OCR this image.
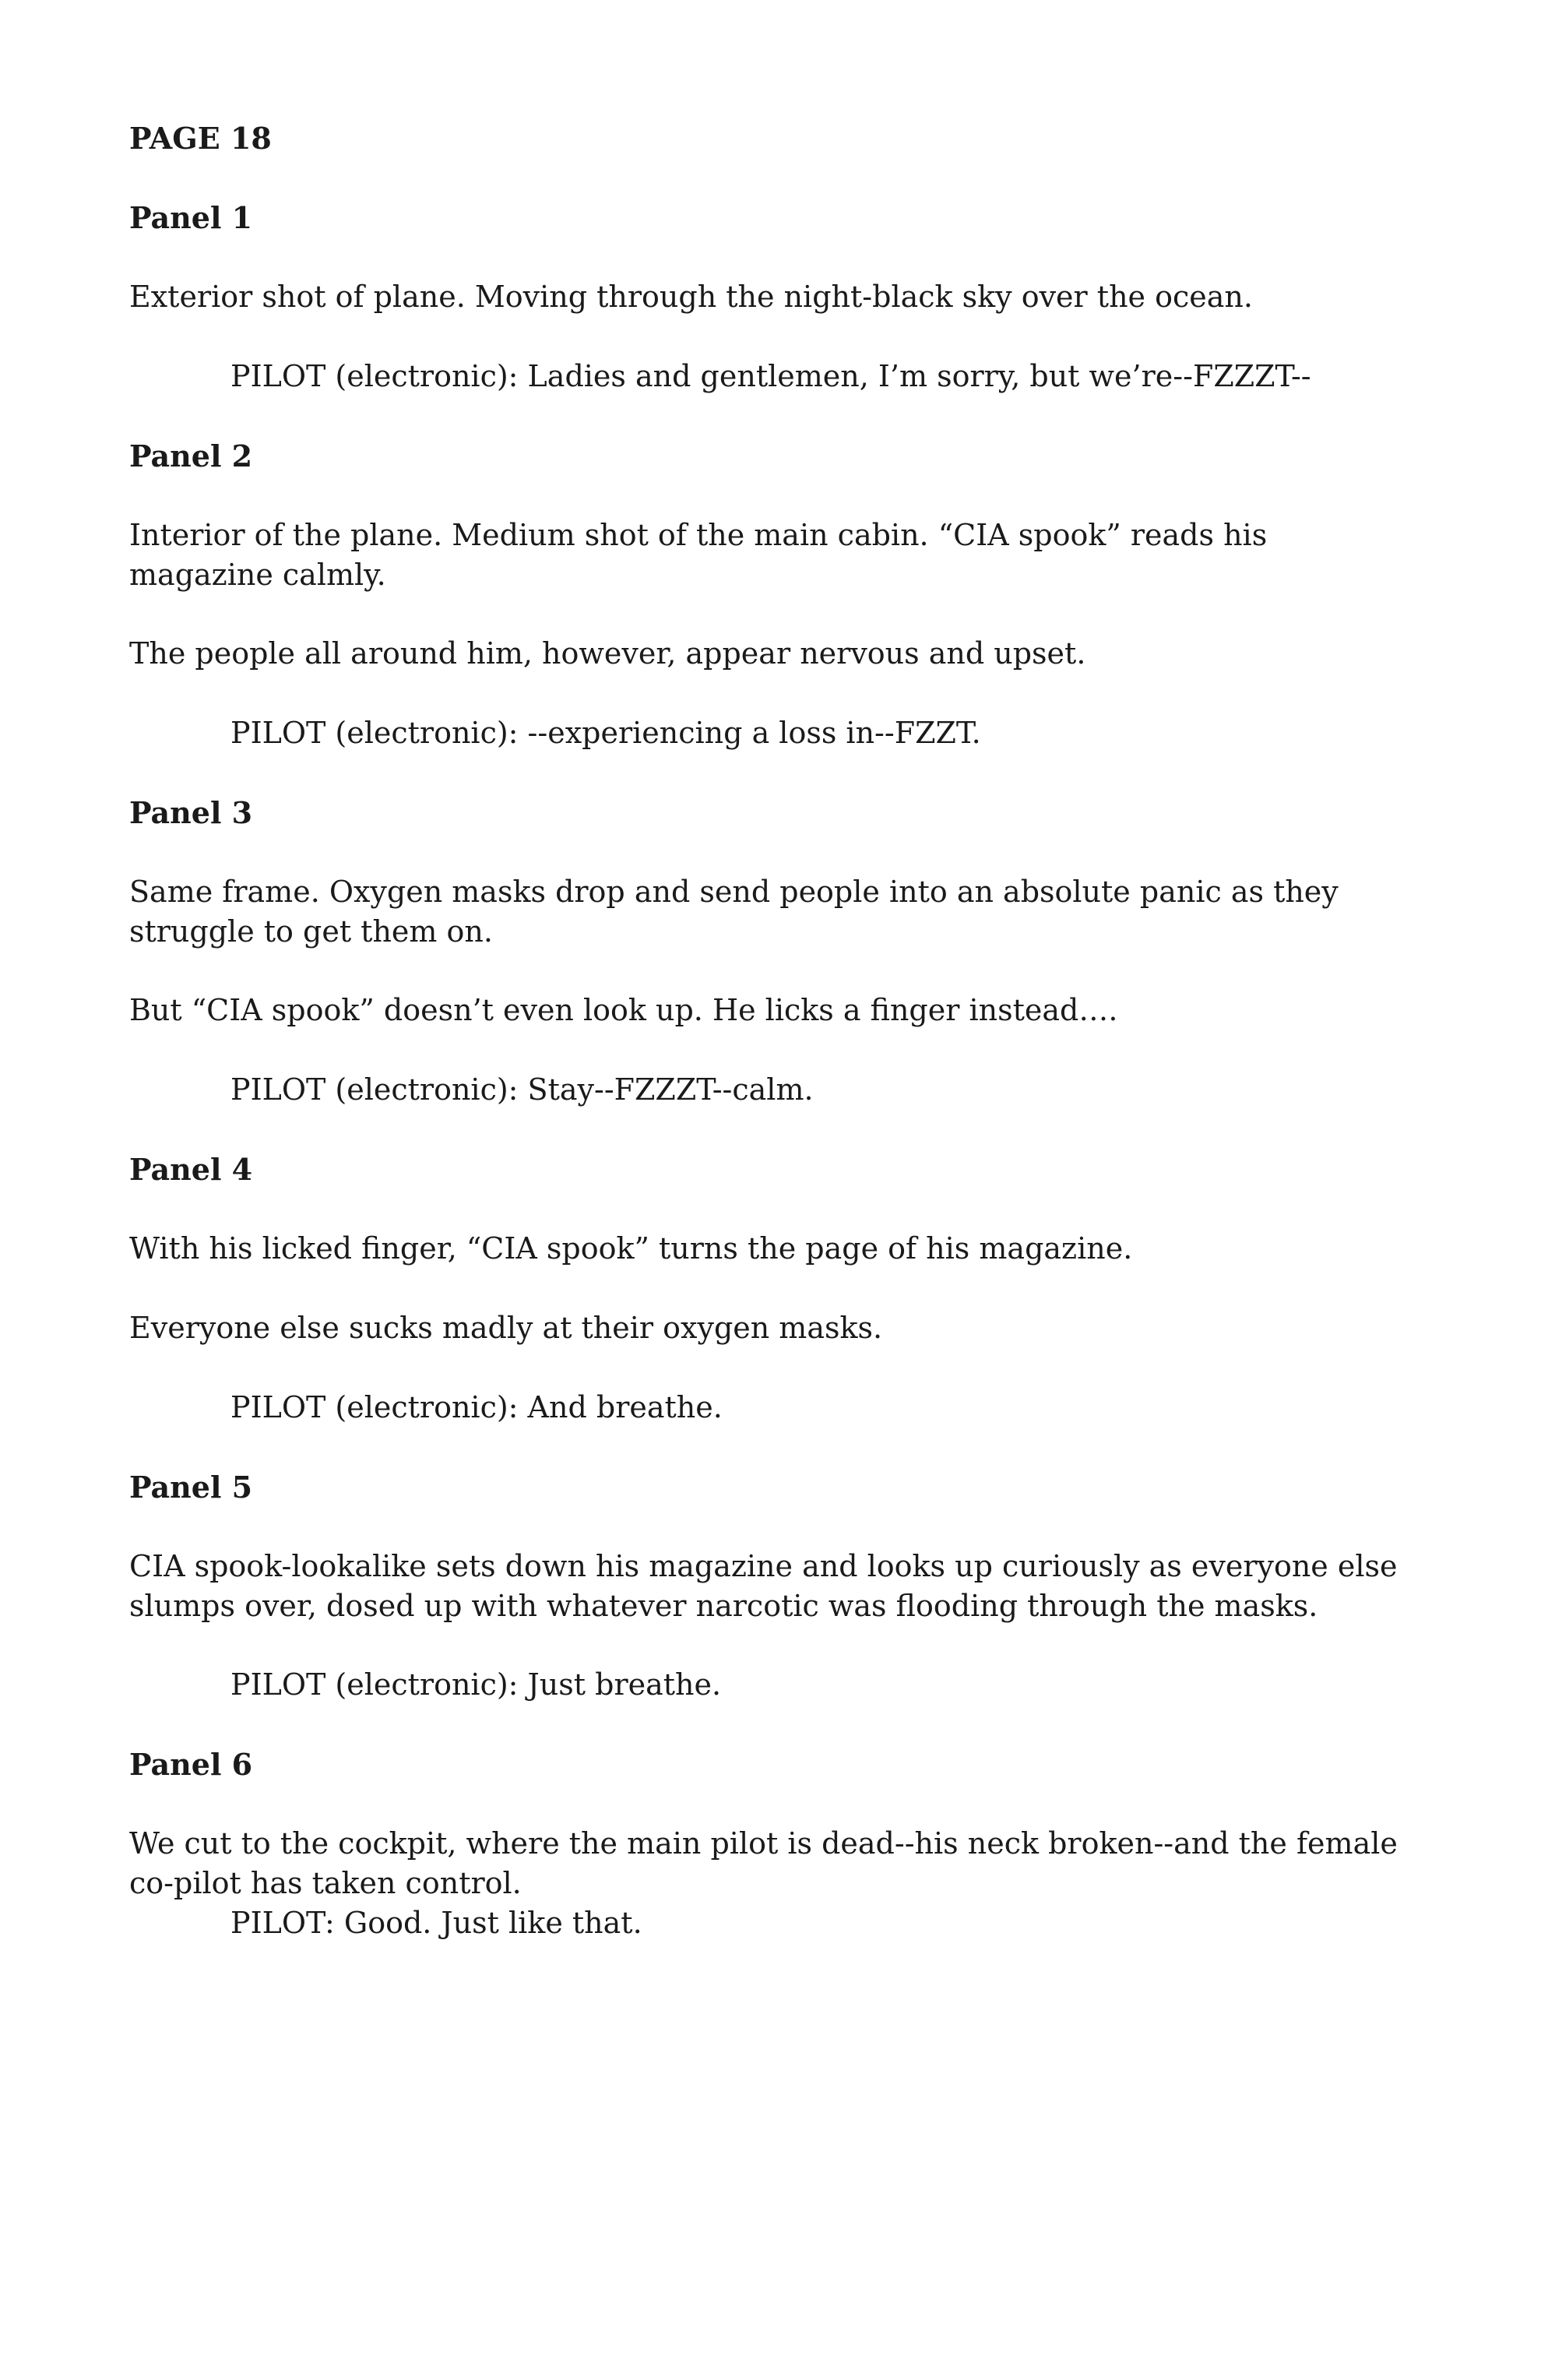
PAGE 18

Panel 1

Exterior shot of plane. Moving through the night-black sky over the ocean.

PILOT (electronic): Ladies and gentlemen, I’m sorry, but we’re--FZZZT--

Panel 2

Interior of the plane. Medium shot of the main cabin. “CIA spook” reads his magazine calmly.

The people all around him, however, appear nervous and upset.

PILOT (electronic): --experiencing a loss in--FZZT.

Panel 3

Same frame. Oxygen masks drop and send people into an absolute panic as they struggle to get them on.

But “CIA spook” doesn’t even look up. He licks a finger instead….

PILOT (electronic): Stay--FZZZT--calm.

Panel 4

With his licked finger, “CIA spook” turns the page of his magazine.

Everyone else sucks madly at their oxygen masks.

PILOT (electronic): And breathe.

Panel 5

CIA spook-lookalike sets down his magazine and looks up curiously as everyone else slumps over, dosed up with whatever narcotic was flooding through the masks.

PILOT (electronic): Just breathe.

Panel 6

We cut to the cockpit, where the main pilot is dead--his neck broken--and the female co-pilot has taken control.

PILOT: Good. Just like that.
